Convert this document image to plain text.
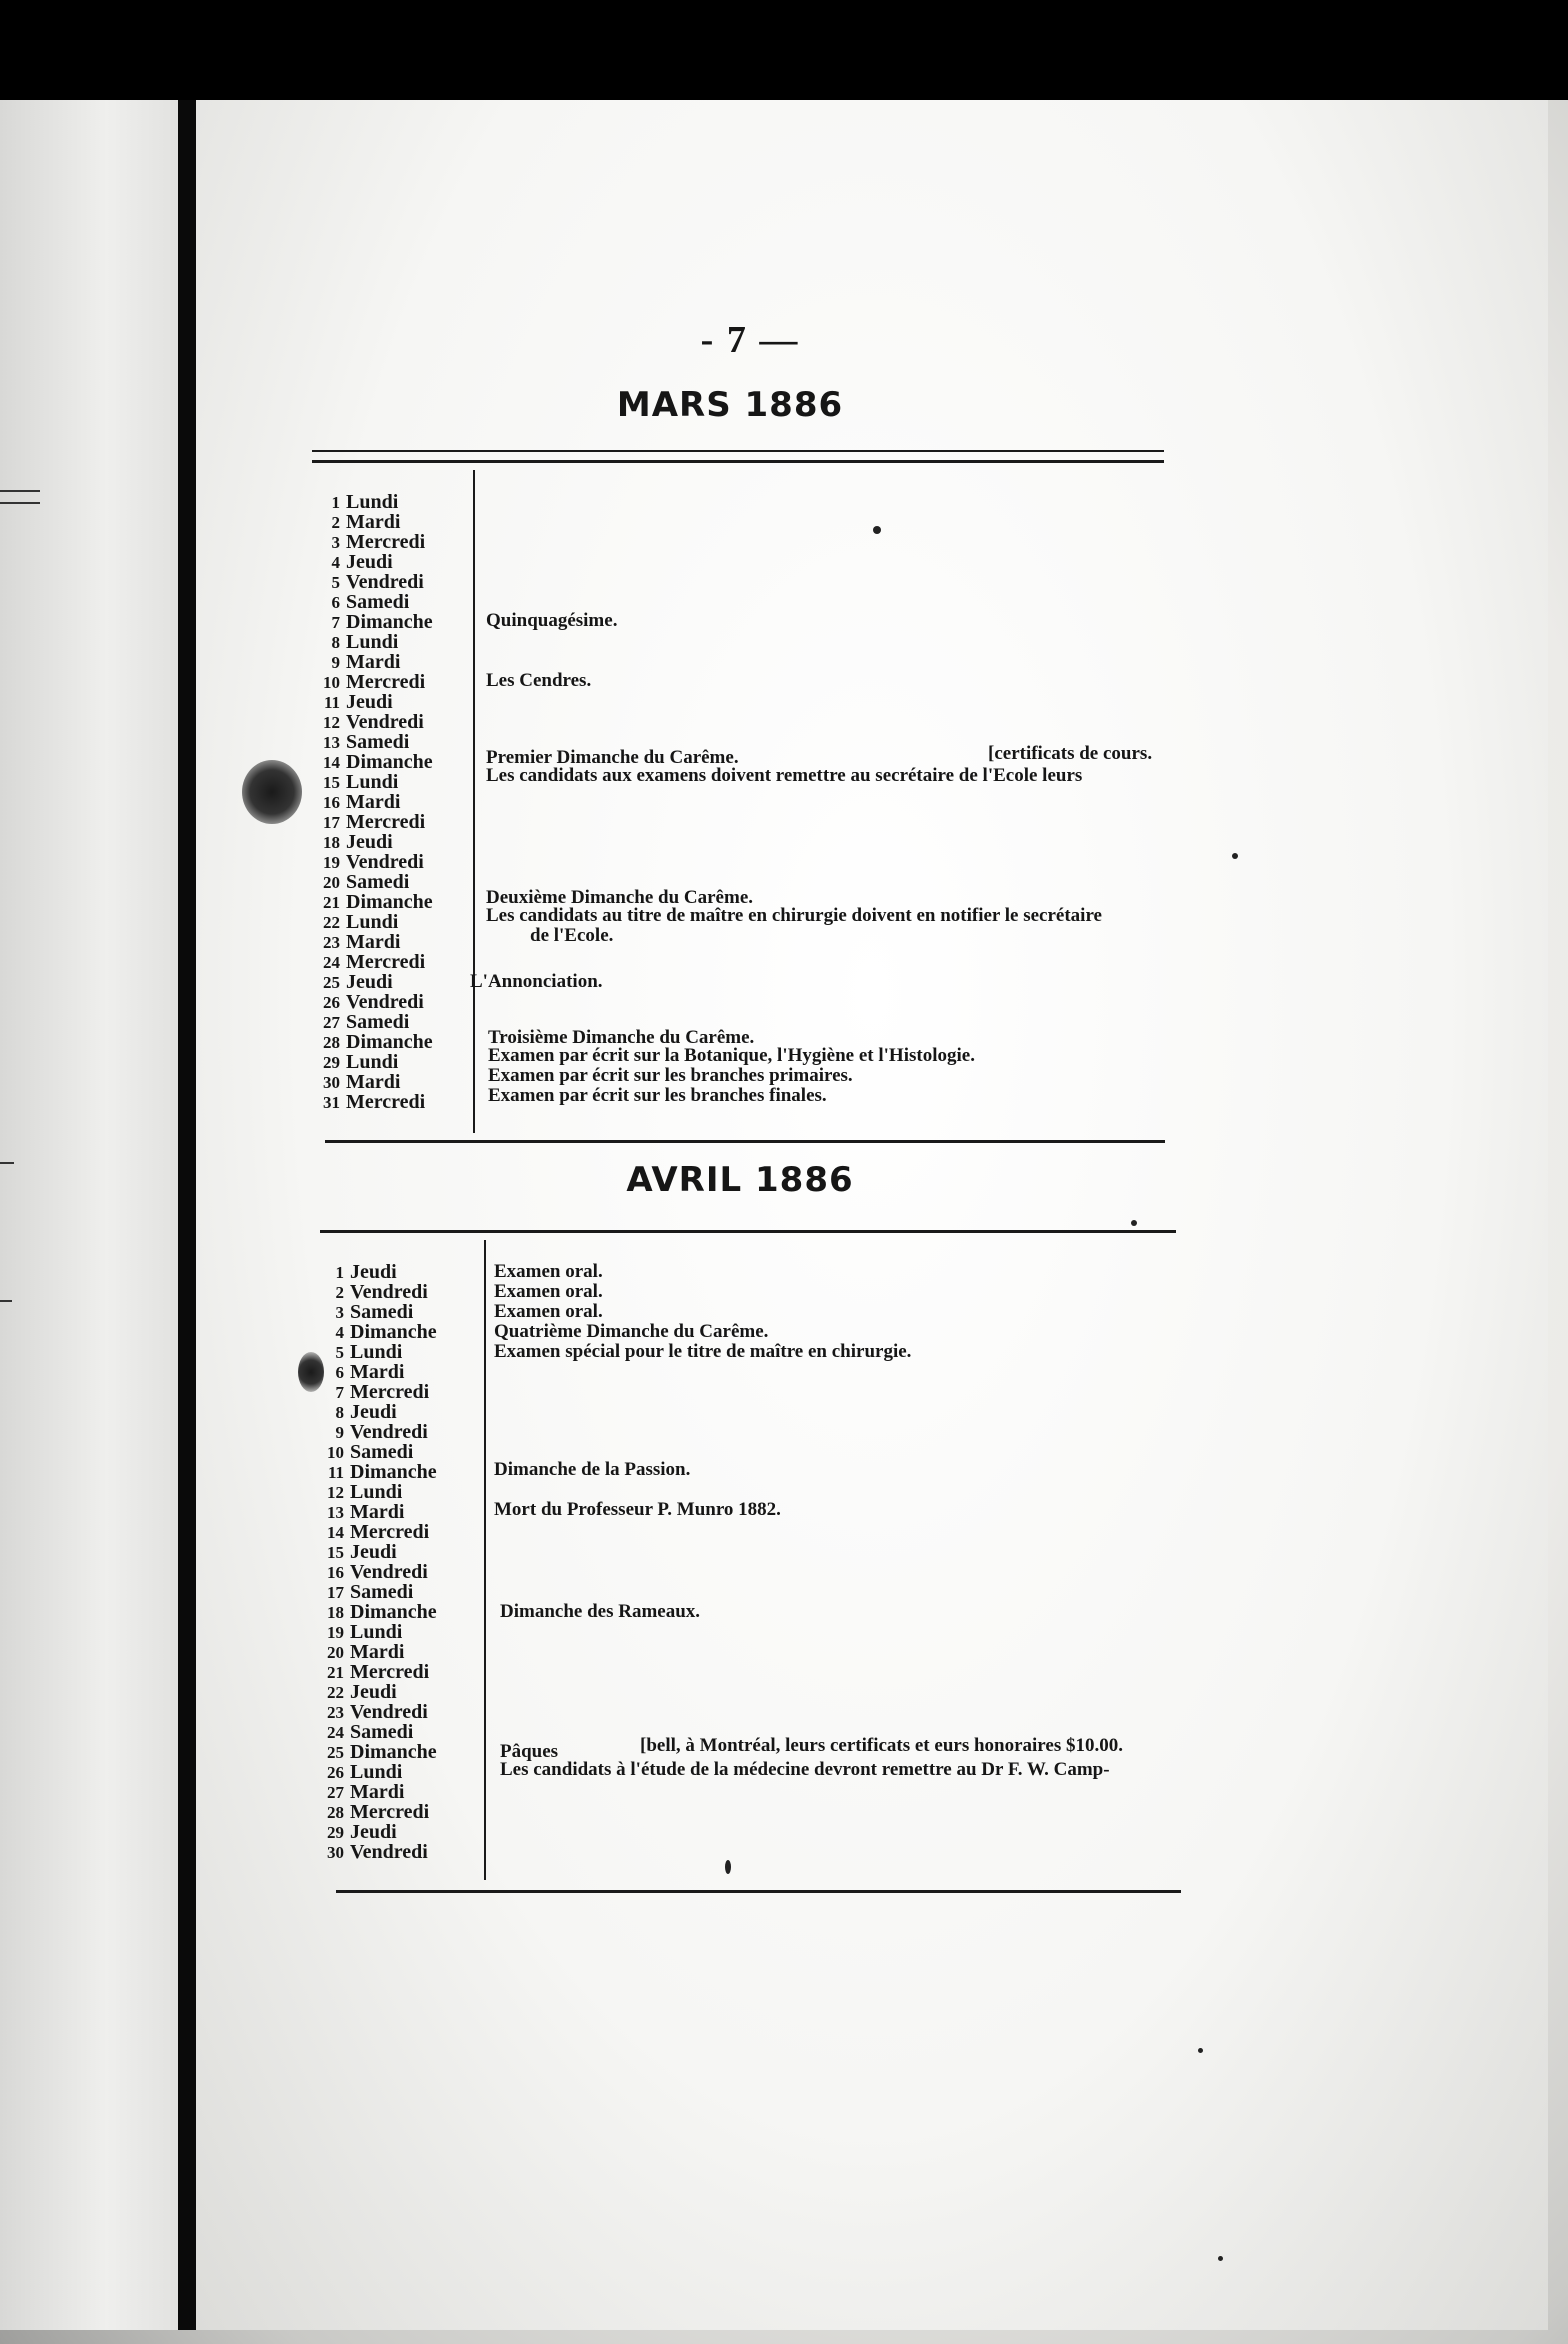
- 7 —
MARS 1886
1 Lundi
2 Mardi
3 Mercredi
4 Jeudi
5 Vendredi
6 Samedi
7 Dimanche
8 Lundi
9 Mardi
10 Mercredi
11 Jeudi
12 Vendredi
13 Samedi
14 Dimanche
15 Lundi
16 Mardi
17 Mercredi
18 Jeudi
19 Vendredi
20 Samedi
21 Dimanche
22 Lundi
23 Mardi
24 Mercredi
25 Jeudi
26 Vendredi
27 Samedi
28 Dimanche
29 Lundi
30 Mardi
31 Mercredi
Quinquagésime.
Les Cendres.
Premier Dimanche du Carême.	[certificats de cours.
Les candidats aux examens doivent remettre au secrétaire de l'Ecole leurs
Deuxième Dimanche du Carême.
Les candidats au titre de maître en chirurgie doivent en notifier le secrétaire
de l'Ecole.
L'Annonciation.
Troisième Dimanche du Carême.
Examen par écrit sur la Botanique, l'Hygiène et l'Histologie.
Examen par écrit sur les branches primaires.
Examen par écrit sur les branches finales.
AVRIL 1886
1 Jeudi
2 Vendredi
3 Samedi
4 Dimanche
5 Lundi
6 Mardi
7 Mercredi
8 Jeudi
9 Vendredi
10 Samedi
11 Dimanche
12 Lundi
13 Mardi
14 Mercredi
15 Jeudi
16 Vendredi
17 Samedi
18 Dimanche
19 Lundi
20 Mardi
21 Mercredi
22 Jeudi
23 Vendredi
24 Samedi
25 Dimanche
26 Lundi
27 Mardi
28 Mercredi
29 Jeudi
30 Vendredi
Examen oral.
Examen oral.
Examen oral.
Quatrième Dimanche du Carême.
Examen spécial pour le titre de maître en chirurgie.
Dimanche de la Passion.
Mort du Professeur P. Munro 1882.
Dimanche des Rameaux.
Pâques	[bell, à Montréal, leurs certificats et eurs honoraires $10.00.
Les candidats à l'étude de la médecine devront remettre au Dr F. W. Camp-
